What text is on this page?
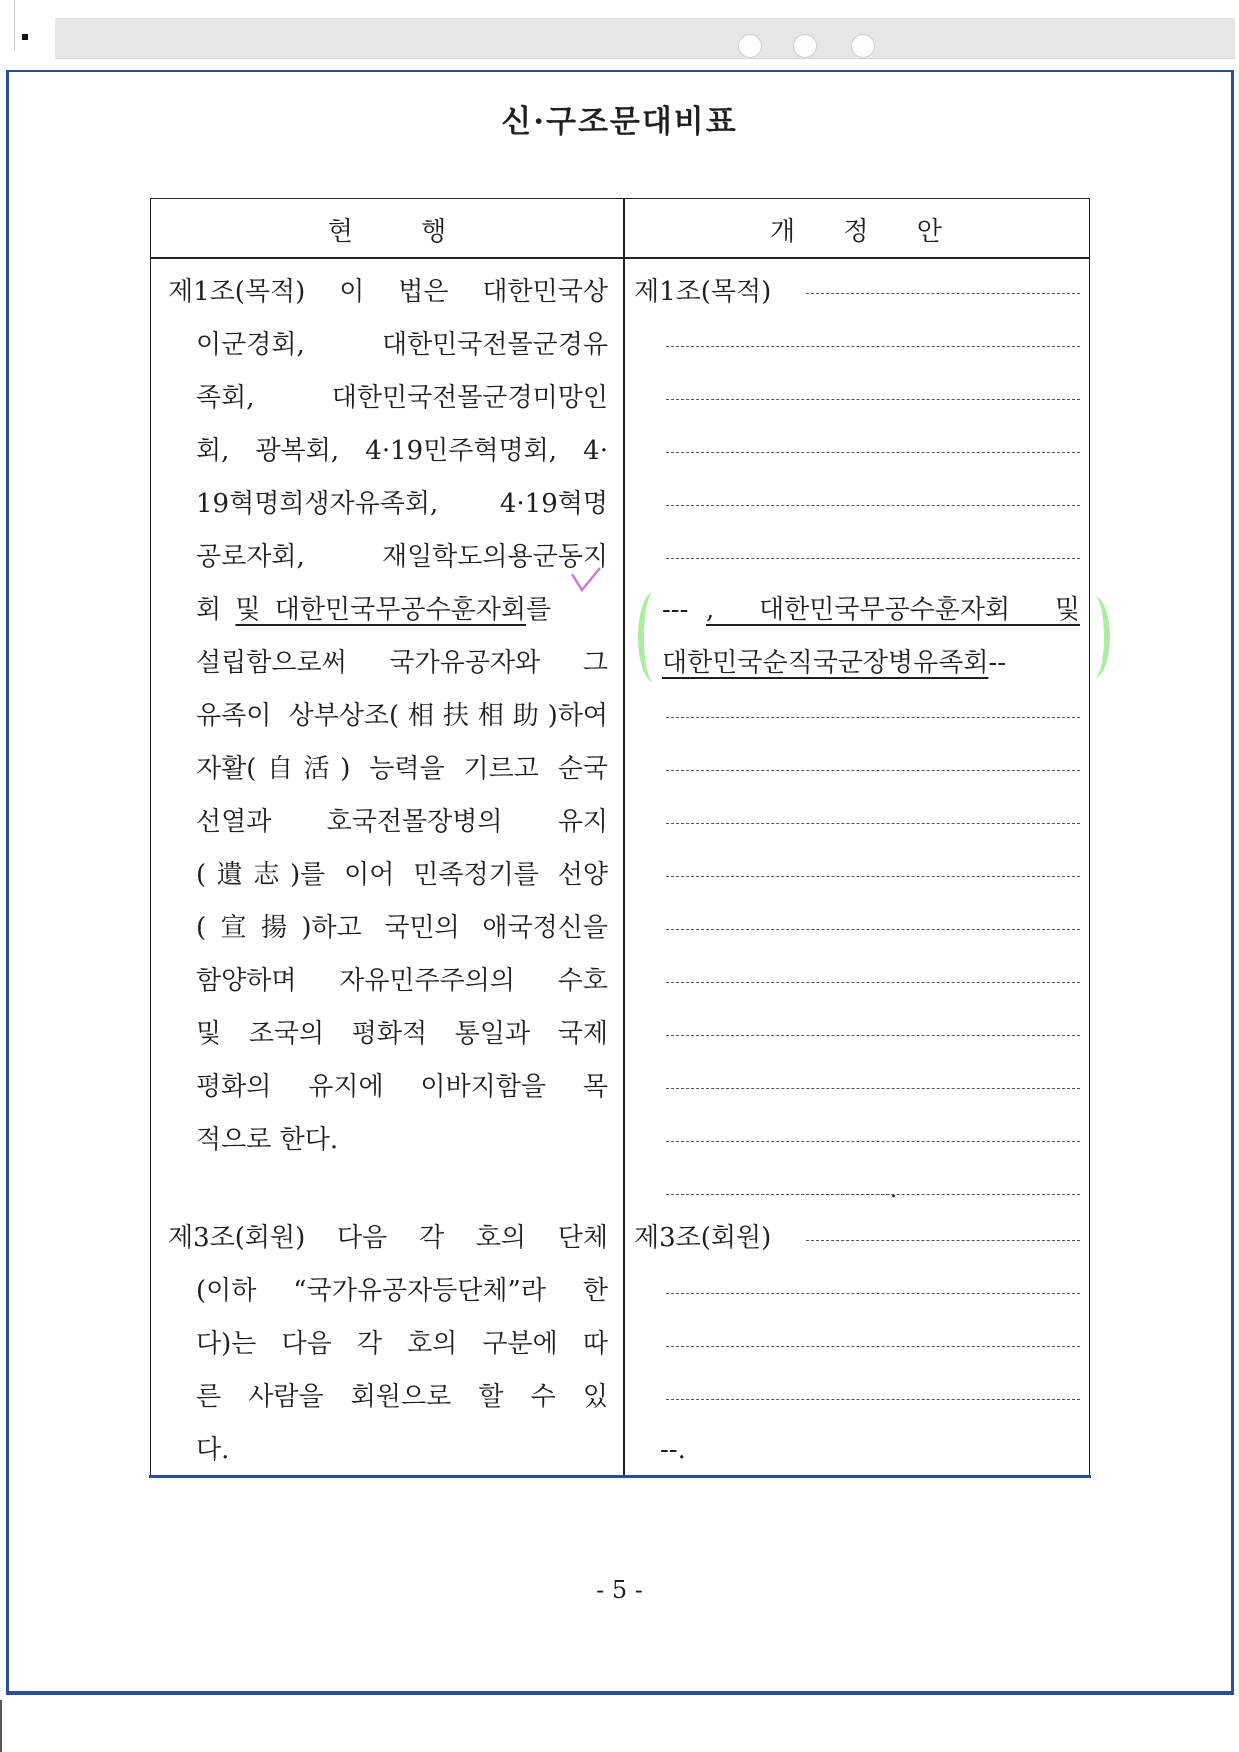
신·구조문대비표
현 행	개 정 안
제1조(목적) 이 법은 대한민국상
이군경회, 대한민국전몰군경유
족회, 대한민국전몰군경미망인
회, 광복회, 4·19민주혁명회, 4·
19혁명희생자유족회, 4·19혁명
공로자회, 재일학도의용군동지
회 및 대한민국무공수훈자회를
설립함으로써 국가유공자와 그
유족이 상부상조(相扶相助)하여
자활(自活) 능력을 기르고 순국
선열과 호국전몰장병의 유지
(遺志)를 이어 민족정기를 선양
(宣揚)하고 국민의 애국정신을
함양하며 자유민주주의의 수호
및 조국의 평화적 통일과 국제
평화의 유지에 이바지함을 목
적으로 한다.
제3조(회원) 다음 각 호의 단체
(이하 “국가유공자등단체”라 한
다)는 다음 각 호의 구분에 따
른 사람을 회원으로 할 수 있
다.
제1조(목적)
제3조(회원)
--- , 대한민국무공수훈자회 및
대한민국순직국군장병유족회--
.
--.
- 5 -
